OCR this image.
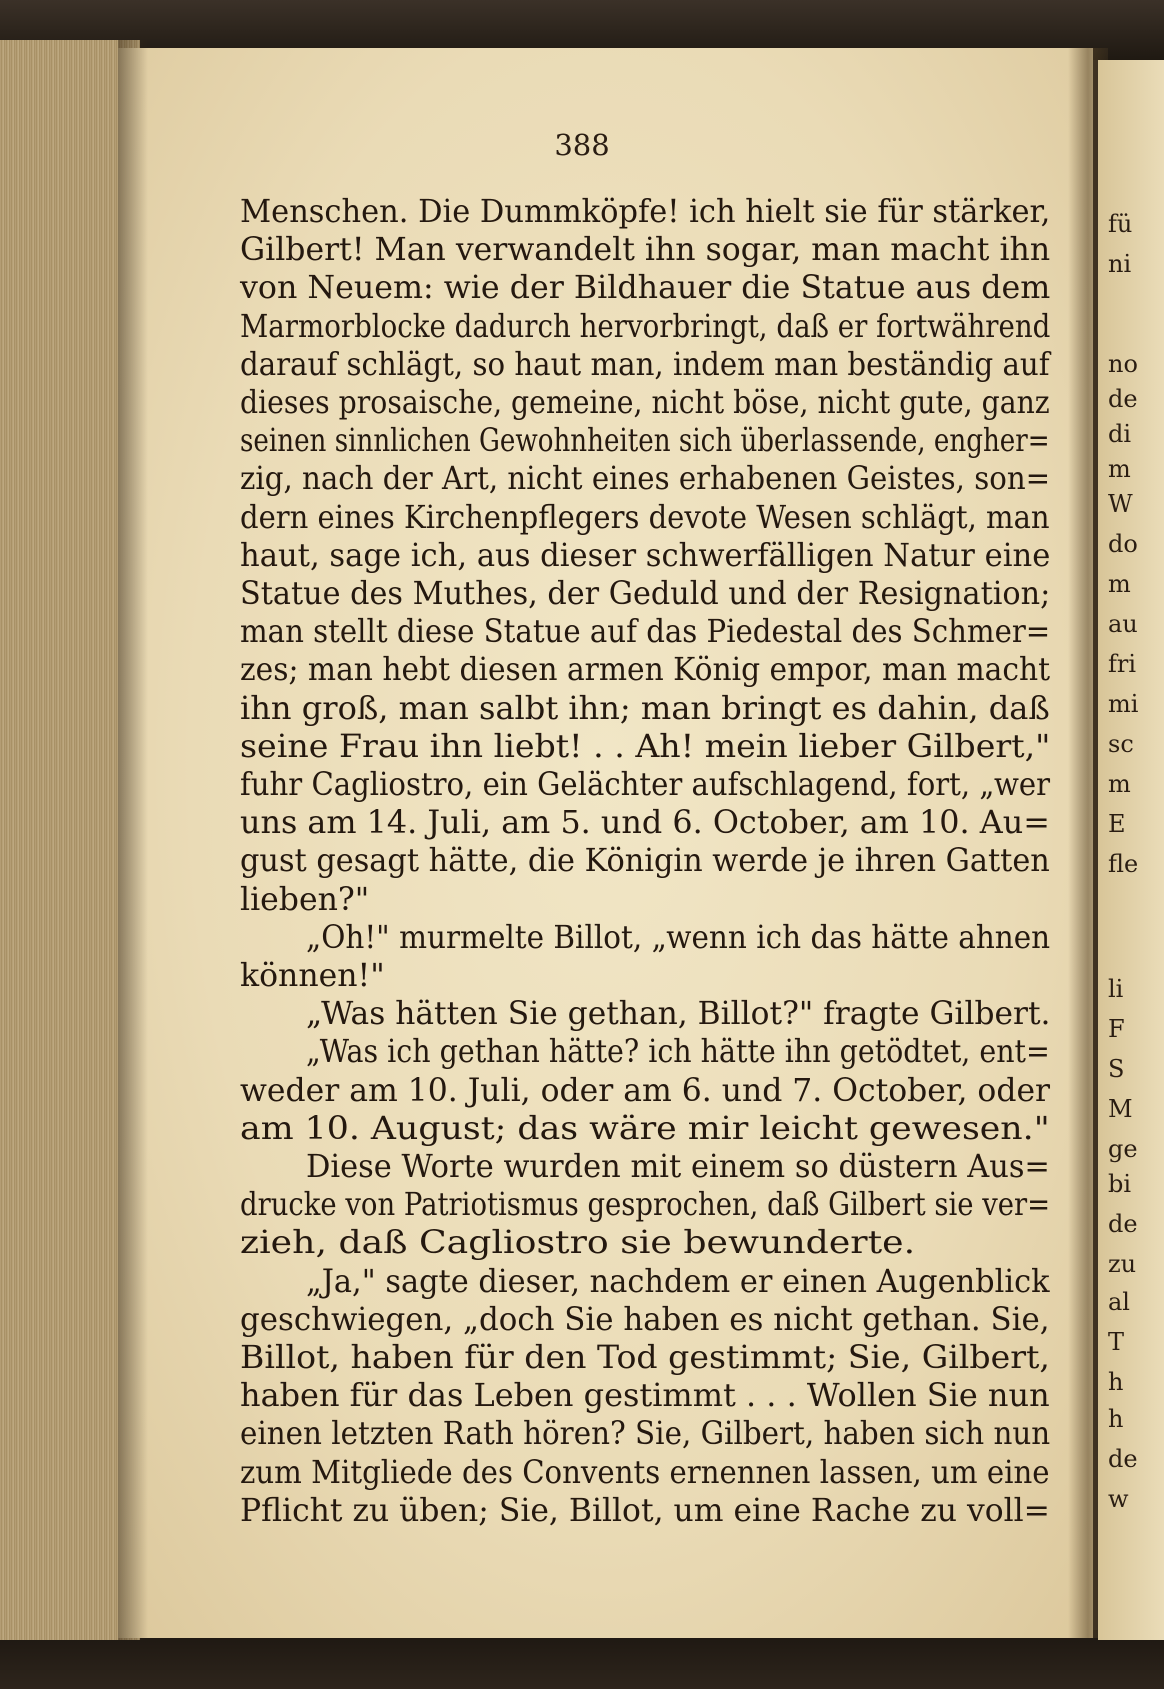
fü
ni
no
de
di
m
W
do
m
au
fri
mi
sc
m
E
fle
li
F
S
M
ge
bi
de
zu
al
T
h
h
de
w
388
Menschen. Die Dummköpfe! ich hielt sie für stärker,
Gilbert! Man verwandelt ihn sogar, man macht ihn
von Neuem: wie der Bildhauer die Statue aus dem
Marmorblocke dadurch hervorbringt, daß er fortwährend
darauf schlägt, so haut man, indem man beständig auf
dieses prosaische, gemeine, nicht böse, nicht gute, ganz
seinen sinnlichen Gewohnheiten sich überlassende, engher=
zig, nach der Art, nicht eines erhabenen Geistes, son=
dern eines Kirchenpflegers devote Wesen schlägt, man
haut, sage ich, aus dieser schwerfälligen Natur eine
Statue des Muthes, der Geduld und der Resignation;
man stellt diese Statue auf das Piedestal des Schmer=
zes; man hebt diesen armen König empor, man macht
ihn groß, man salbt ihn; man bringt es dahin, daß
seine Frau ihn liebt! . . Ah! mein lieber Gilbert,"
fuhr Cagliostro, ein Gelächter aufschlagend, fort, „wer
uns am 14. Juli, am 5. und 6. October, am 10. Au=
gust gesagt hätte, die Königin werde je ihren Gatten
lieben?"
„Oh!" murmelte Billot, „wenn ich das hätte ahnen
können!"
„Was hätten Sie gethan, Billot?" fragte Gilbert.
„Was ich gethan hätte? ich hätte ihn getödtet, ent=
weder am 10. Juli, oder am 6. und 7. October, oder
am 10. August; das wäre mir leicht gewesen."
Diese Worte wurden mit einem so düstern Aus=
drucke von Patriotismus gesprochen, daß Gilbert sie ver=
zieh, daß Cagliostro sie bewunderte.
„Ja," sagte dieser, nachdem er einen Augenblick
geschwiegen, „doch Sie haben es nicht gethan. Sie,
Billot, haben für den Tod gestimmt; Sie, Gilbert,
haben für das Leben gestimmt . . . Wollen Sie nun
einen letzten Rath hören? Sie, Gilbert, haben sich nun
zum Mitgliede des Convents ernennen lassen, um eine
Pflicht zu üben; Sie, Billot, um eine Rache zu voll=
